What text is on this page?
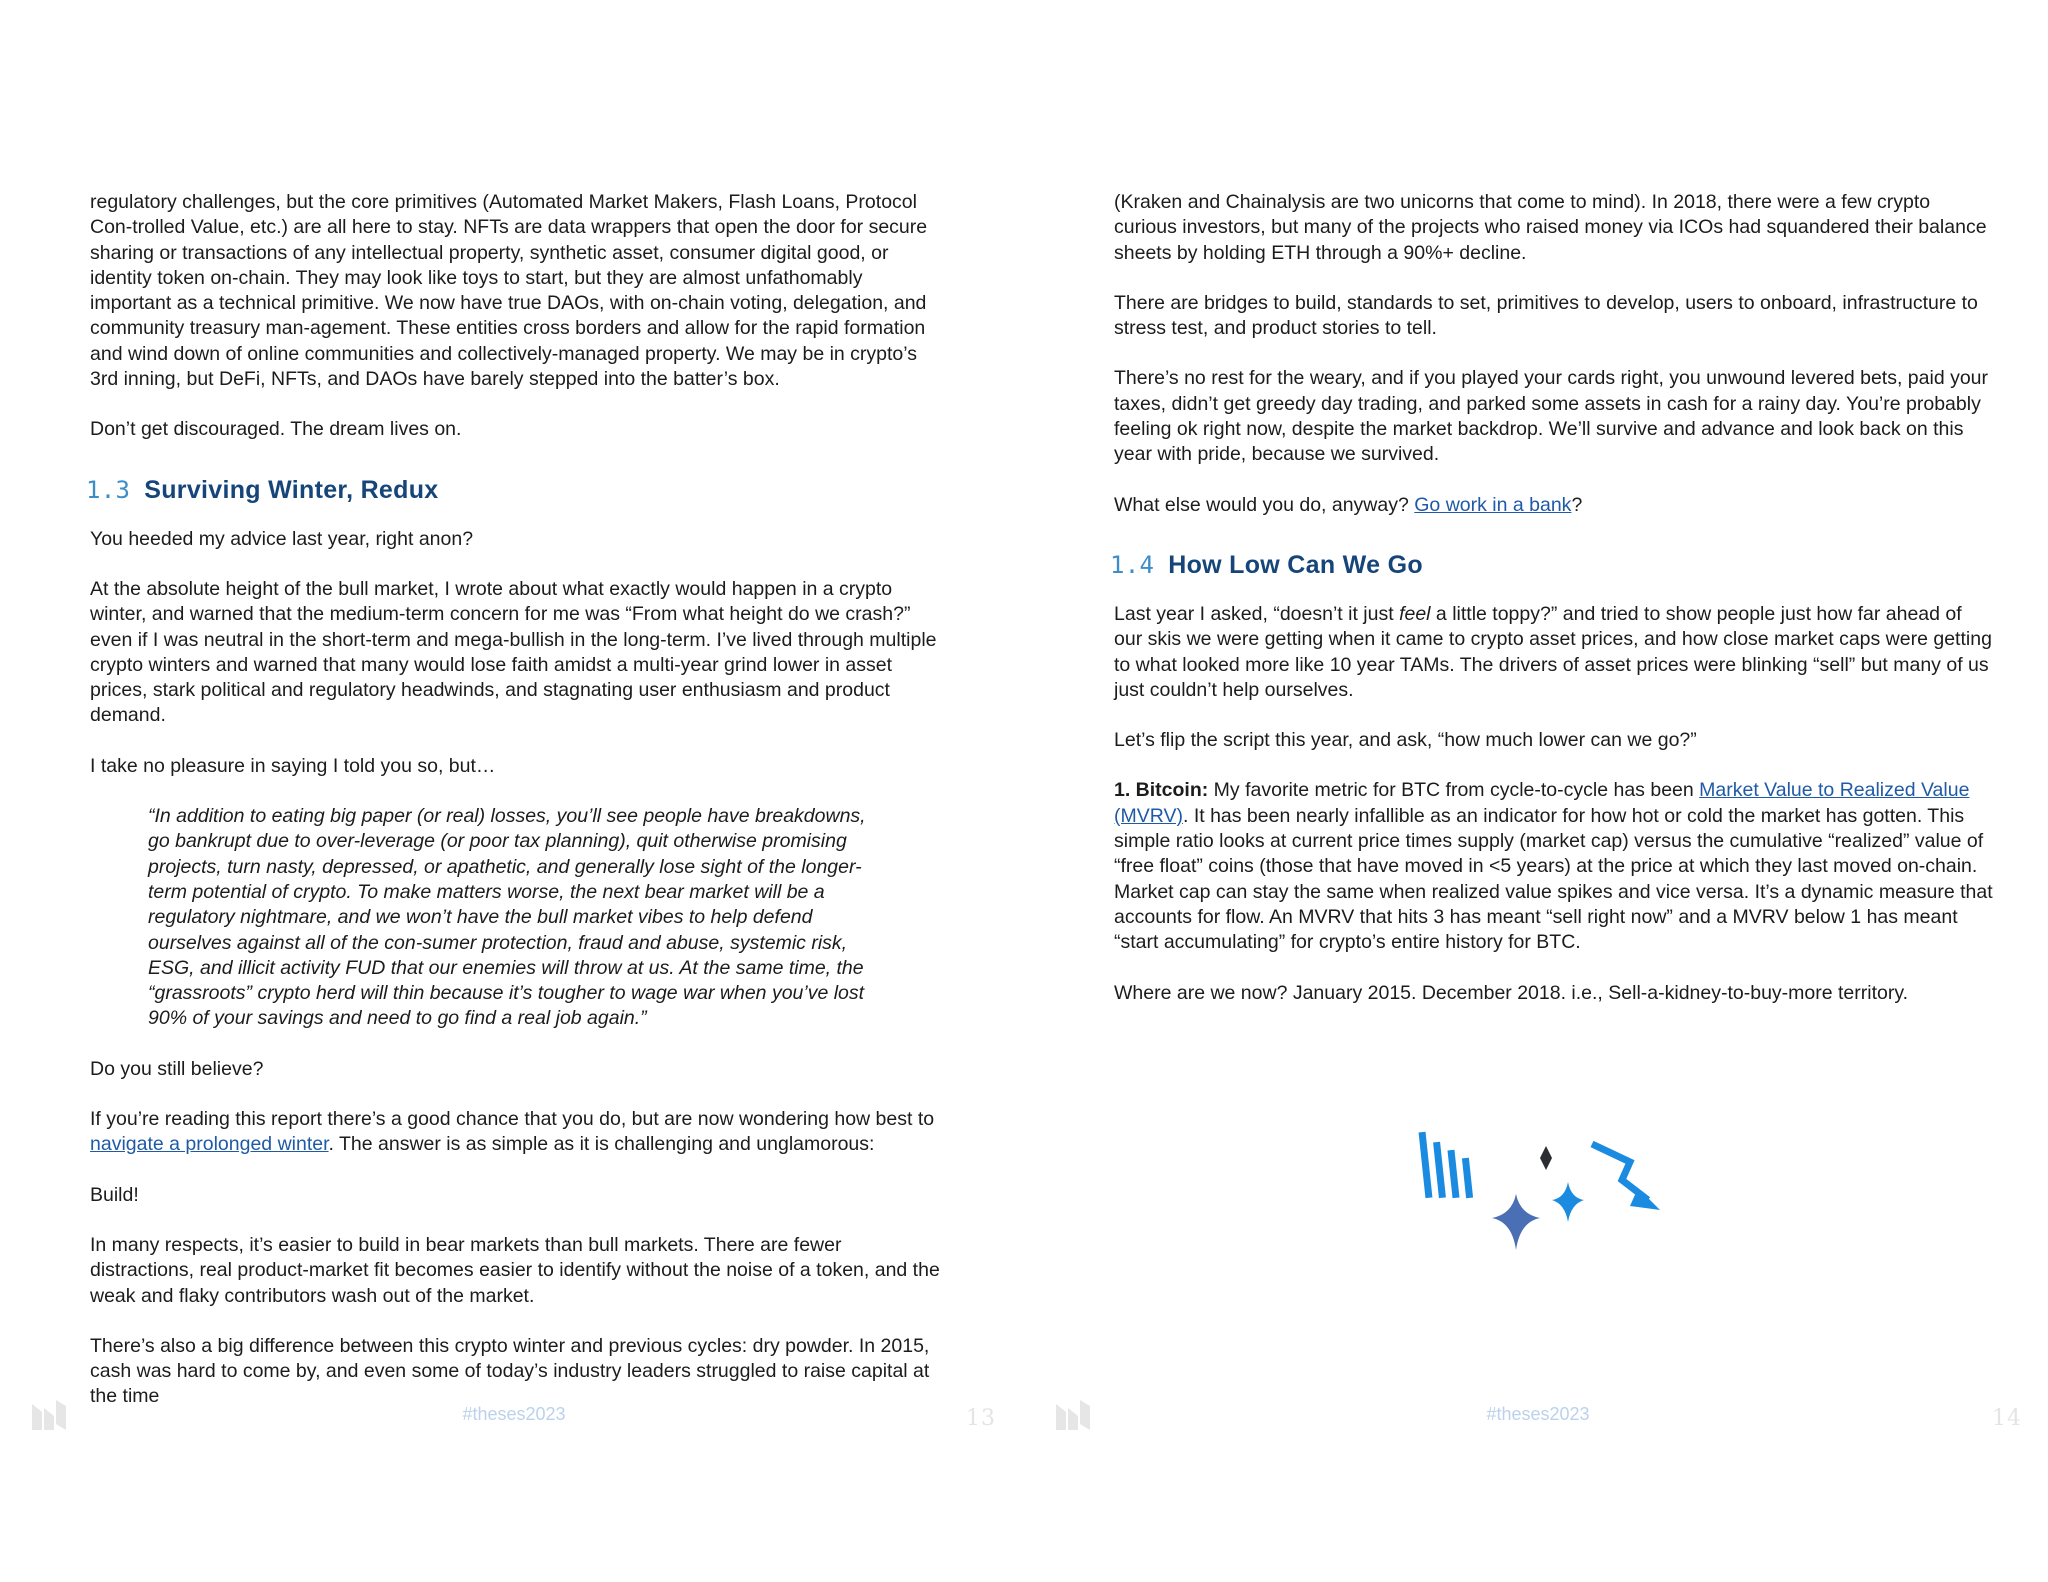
regulatory challenges, but the core primitives (Automated Market Makers, Flash Loans, Protocol Con-trolled Value, etc.) are all here to stay. NFTs are data wrappers that open the door for secure sharing or transactions of any intellectual property, synthetic asset, consumer digital good, or identity token on-chain. They may look like toys to start, but they are almost unfathomably important as a technical primitive. We now have true DAOs, with on-chain voting, delegation, and community treasury man-agement. These entities cross borders and allow for the rapid formation and wind down of online communities and collectively-managed property. We may be in crypto’s 3rd inning, but DeFi, NFTs, and DAOs have barely stepped into the batter’s box.

Don’t get discouraged. The dream lives on.

1.3 Surviving Winter, Redux

You heeded my advice last year, right anon?

At the absolute height of the bull market, I wrote about what exactly would happen in a crypto winter, and warned that the medium-term concern for me was “From what height do we crash?” even if I was neutral in the short-term and mega-bullish in the long-term. I’ve lived through multiple crypto winters and warned that many would lose faith amidst a multi-year grind lower in asset prices, stark political and regulatory headwinds, and stagnating user enthusiasm and product demand.

I take no pleasure in saying I told you so, but…

“In addition to eating big paper (or real) losses, you’ll see people have breakdowns, go bankrupt due to over-leverage (or poor tax planning), quit otherwise promising projects, turn nasty, depressed, or apathetic, and generally lose sight of the longer-term potential of crypto. To make matters worse, the next bear market will be a regulatory nightmare, and we won’t have the bull market vibes to help defend ourselves against all of the con-sumer protection, fraud and abuse, systemic risk, ESG, and illicit activity FUD that our enemies will throw at us. At the same time, the “grassroots” crypto herd will thin because it’s tougher to wage war when you’ve lost 90% of your savings and need to go find a real job again.”

Do you still believe?

If you’re reading this report there’s a good chance that you do, but are now wondering how best to navigate a prolonged winter. The answer is as simple as it is challenging and unglamorous:

Build!

In many respects, it’s easier to build in bear markets than bull markets. There are fewer distractions, real product-market fit becomes easier to identify without the noise of a token, and the weak and flaky contributors wash out of the market.

There’s also a big difference between this crypto winter and previous cycles: dry powder. In 2015, cash was hard to come by, and even some of today’s industry leaders struggled to raise capital at the time

#theses2023	13

(Kraken and Chainalysis are two unicorns that come to mind). In 2018, there were a few crypto curious investors, but many of the projects who raised money via ICOs had squandered their balance sheets by holding ETH through a 90%+ decline.

There are bridges to build, standards to set, primitives to develop, users to onboard, infrastructure to stress test, and product stories to tell.

There’s no rest for the weary, and if you played your cards right, you unwound levered bets, paid your taxes, didn’t get greedy day trading, and parked some assets in cash for a rainy day. You’re probably feeling ok right now, despite the market backdrop. We’ll survive and advance and look back on this year with pride, because we survived.

What else would you do, anyway? Go work in a bank?

1.4 How Low Can We Go

Last year I asked, “doesn’t it just feel a little toppy?” and tried to show people just how far ahead of our skis we were getting when it came to crypto asset prices, and how close market caps were getting to what looked more like 10 year TAMs. The drivers of asset prices were blinking “sell” but many of us just couldn’t help ourselves.

Let’s flip the script this year, and ask, “how much lower can we go?”

1. Bitcoin: My favorite metric for BTC from cycle-to-cycle has been Market Value to Realized Value (MVRV). It has been nearly infallible as an indicator for how hot or cold the market has gotten. This simple ratio looks at current price times supply (market cap) versus the cumulative “realized” value of “free float” coins (those that have moved in <5 years) at the price at which they last moved on-chain. Market cap can stay the same when realized value spikes and vice versa. It’s a dynamic measure that accounts for flow. An MVRV that hits 3 has meant “sell right now” and a MVRV below 1 has meant “start accumulating” for crypto’s entire history for BTC.

Where are we now? January 2015. December 2018. i.e., Sell-a-kidney-to-buy-more territory.

#theses2023	14
